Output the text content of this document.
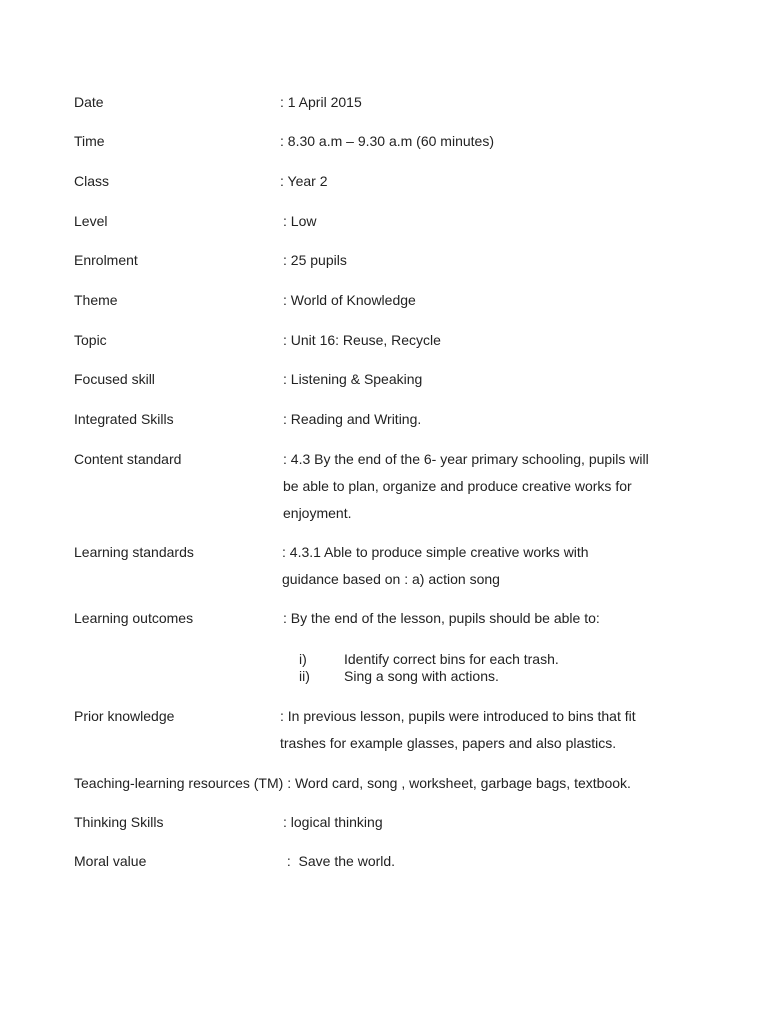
Date	: 1 April 2015
Time	: 8.30 a.m – 9.30 a.m (60 minutes)
Class	: Year 2
Level	: Low
Enrolment	: 25 pupils
Theme	: World of Knowledge
Topic	: Unit 16: Reuse, Recycle
Focused skill	: Listening & Speaking
Integrated Skills	: Reading and Writing.
Content standard	: 4.3 By the end of the 6- year primary schooling, pupils will
be able to plan, organize and produce creative works for
enjoyment.
Learning standards	: 4.3.1 Able to produce simple creative works with
guidance based on : a) action song
Learning outcomes	: By the end of the lesson, pupils should be able to:
i)	Identify correct bins for each trash.
ii) Sing a song with actions.
Prior knowledge	: In previous lesson, pupils were introduced to bins that fit
trashes for example glasses, papers and also plastics.
Teaching-learning resources (TM) : Word card, song , worksheet, garbage bags, textbook.
Thinking Skills	: logical thinking
Moral value	:  Save the world.
